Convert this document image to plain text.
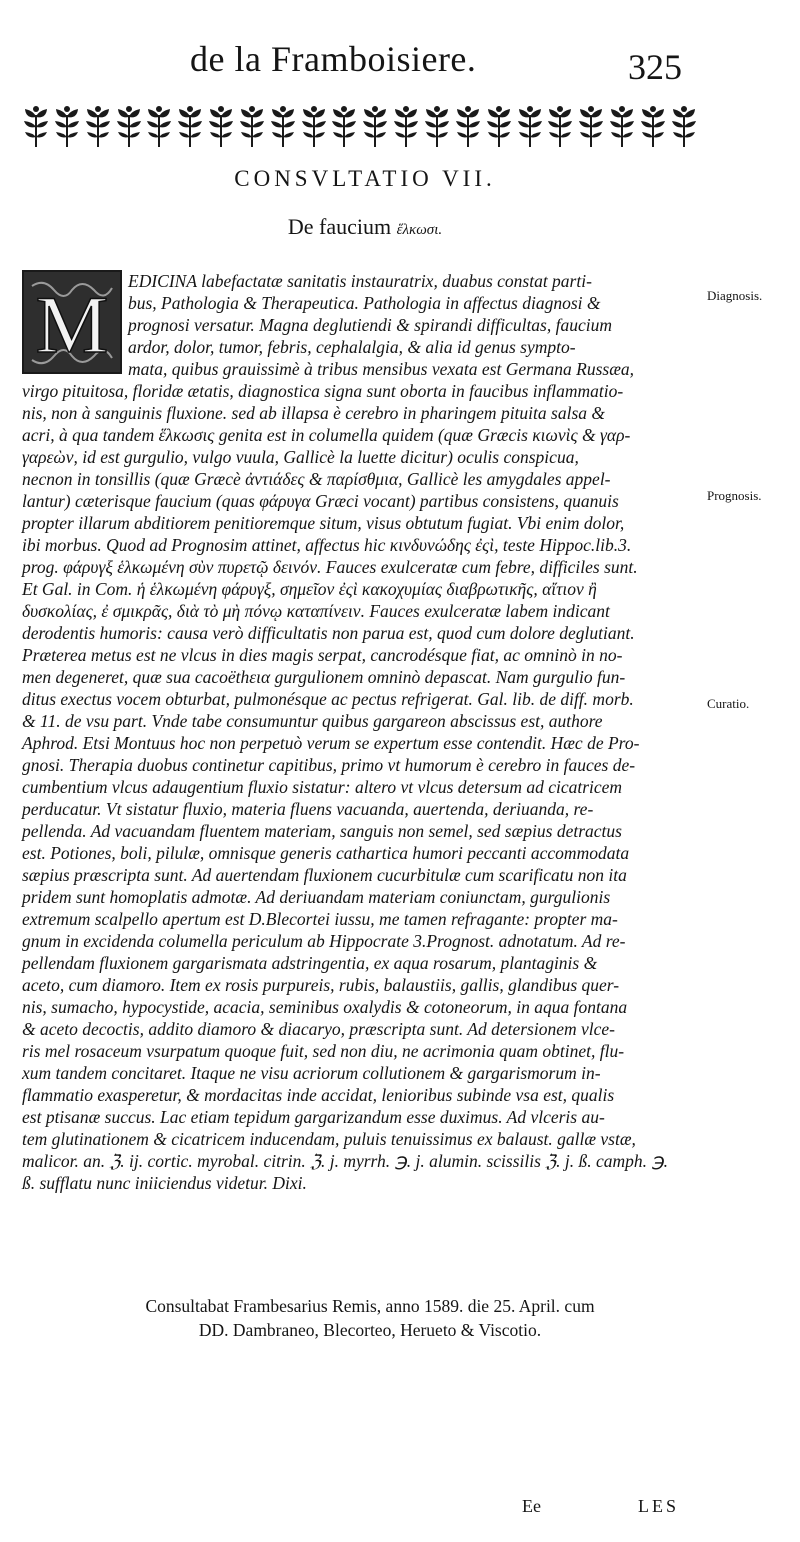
de la Framboisiere.	325
CONSVLTATIO VII.
De faucium ἕλκωσι.
M EDICINA labefactatæ sanitatis instauratrix, duabus constat parti-
bus, Pathologia & Therapeutica. Pathologia in affectus diagnosi &
prognosi versatur. Magna deglutiendi & spirandi difficultas, faucium
ardor, dolor, tumor, febris, cephalalgia, & alia id genus sympto-
mata, quibus grauissimè à tribus mensibus vexata est Germana Russæa,
virgo pituitosa, floridæ ætatis, diagnostica signa sunt oborta in faucibus inflammatio-
nis, non à sanguinis fluxione. sed ab illapsa è cerebro in pharingem pituita salsa &
acri, à qua tandem ἕλκωσις genita est in columella quidem (quæ Græcis κιωνὶς & γαρ-
γαρεὼν, id est gurgulio, vulgo vuula, Gallicè la luette dicitur) oculis conspicua,
necnon in tonsillis (quæ Græcè ἀντιάδες & παρίσθμια, Gallicè les amygdales appel-
lantur) cæterisque faucium (quas φάρυγα Græci vocant) partibus consistens, quanuis
propter illarum abditiorem penitioremque situm, visus obtutum fugiat. Vbi enim dolor,
ibi morbus. Quod ad Prognosim attinet, affectus hic κινδυνώδης ἐςὶ, teste Hippoc.lib.3.
prog. φάρυγξ ἑλκωμένη σὺν πυρετῷ δεινόν. Fauces exulceratæ cum febre, difficiles sunt.
Et Gal. in Com. ἡ ἑλκωμένη φάρυγξ, σημεῖον ἐςὶ κακοχυμίας διαβρωτικῆς, αἴτιον ἢ
δυσκολίας, ἐ σμικρᾶς, διὰ τὸ μὴ πόνῳ καταπίνειν. Fauces exulceratæ labem indicant
derodentis humoris: causa verò difficultatis non parua est, quod cum dolore deglutiant.
Præterea metus est ne vlcus in dies magis serpat, cancrodésque fiat, ac omninò in no-
men degeneret, quæ sua cacoëthεια gurgulionem omninò depascat. Nam gurgulio fun-
ditus exectus vocem obturbat, pulmonésque ac pectus refrigerat. Gal. lib. de diff. morb.
& 11. de vsu part. Vnde tabe consumuntur quibus gargareon abscissus est, authore
Aphrod. Etsi Montuus hoc non perpetuò verum se expertum esse contendit. Hæc de Pro-
gnosi. Therapia duobus continetur capitibus, primo vt humorum è cerebro in fauces de-
cumbentium vlcus adaugentium fluxio sistatur: altero vt vlcus detersum ad cicatricem
perducatur. Vt sistatur fluxio, materia fluens vacuanda, auertenda, deriuanda, re-
pellenda. Ad vacuandam fluentem materiam, sanguis non semel, sed sæpius detractus
est. Potiones, boli, pilulæ, omnisque generis cathartica humori peccanti accommodata
sæpius præscripta sunt. Ad auertendam fluxionem cucurbitulæ cum scarificatu non ita
pridem sunt homoplatis admotæ. Ad deriuandam materiam coniunctam, gurgulionis
extremum scalpello apertum est D.Blecortei iussu, me tamen refragante: propter ma-
gnum in excidenda columella periculum ab Hippocrate 3.Prognost. adnotatum. Ad re-
pellendam fluxionem gargarismata adstringentia, ex aqua rosarum, plantaginis &
aceto, cum diamoro. Item ex rosis purpureis, rubis, balaustiis, gallis, glandibus quer-
nis, sumacho, hypocystide, acacia, seminibus oxalydis & cotoneorum, in aqua fontana
& aceto decoctis, addito diamoro & diacaryo, præscripta sunt. Ad detersionem vlce-
ris mel rosaceum vsurpatum quoque fuit, sed non diu, ne acrimonia quam obtinet, flu-
xum tandem concitaret. Itaque ne visu acriorum collutionem & gargarismorum in-
flammatio exasperetur, & mordacitas inde accidat, lenioribus subinde vsa est, qualis
est ptisanæ succus. Lac etiam tepidum gargarizandum esse duximus. Ad vlceris au-
tem glutinationem & cicatricem inducendam, puluis tenuissimus ex balaust. gallæ vstæ,
malicor. an. ℨ. ij. cortic. myrobal. citrin. ℨ. j. myrrh. ℈. j. alumin. scissilis ℨ. j. ß. camph. ℈.
ß. sufflatu nunc iniiciendus videtur. Dixi.
Diagnosis.
Prognosis.
Curatio.
Consultabat Frambesarius Remis, anno 1589. die 25. April. cum
DD. Dambraneo, Blecorteo, Herueto & Viscotio.
Ee	LES
